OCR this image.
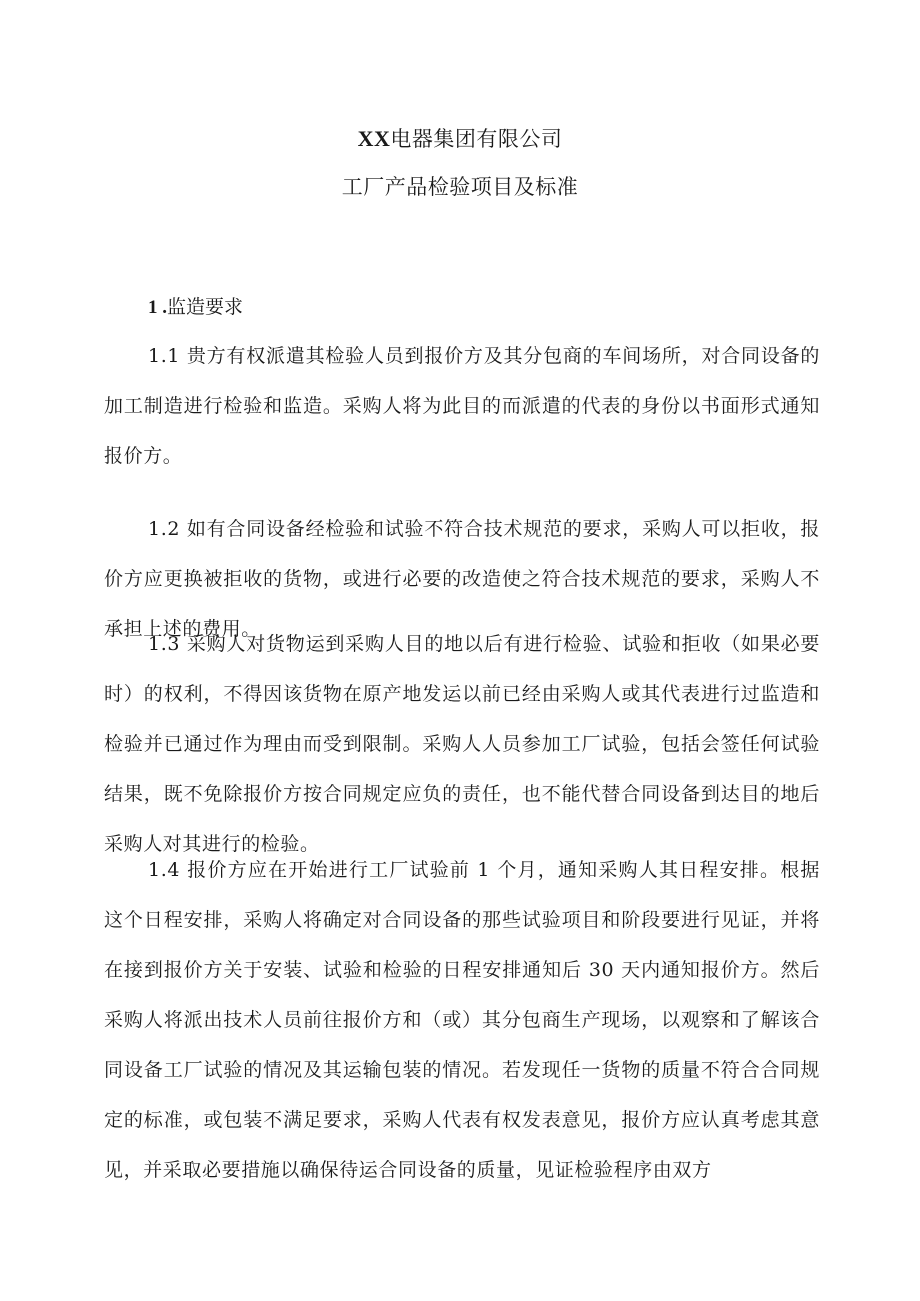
XX电器集团有限公司
工厂产品检验项目及标准
1 .监造要求

1.1 贵方有权派遣其检验人员到报价方及其分包商的车间场所，对合同设备的加工制造进行检验和监造。采购人将为此目的而派遣的代表的身份以书面形式通知报价方。

1.2 如有合同设备经检验和试验不符合技术规范的要求，采购人可以拒收，报价方应更换被拒收的货物，或进行必要的改造使之符合技术规范的要求，采购人不承担上述的费用。

1.3 采购人对货物运到采购人目的地以后有进行检验、试验和拒收（如果必要时）的权利，不得因该货物在原产地发运以前已经由采购人或其代表进行过监造和检验并已通过作为理由而受到限制。采购人人员参加工厂试验，包括会签任何试验结果，既不免除报价方按合同规定应负的责任，也不能代替合同设备到达目的地后采购人对其进行的检验。

1.4 报价方应在开始进行工厂试验前 1 个月，通知采购人其日程安排。根据这个日程安排，采购人将确定对合同设备的那些试验项目和阶段要进行见证，并将在接到报价方关于安装、试验和检验的日程安排通知后 30 天内通知报价方。然后采购人将派出技术人员前往报价方和（或）其分包商生产现场，以观察和了解该合同设备工厂试验的情况及其运输包装的情况。若发现任一货物的质量不符合合同规定的标准，或包装不满足要求，采购人代表有权发表意见，报价方应认真考虑其意见，并采取必要措施以确保待运合同设备的质量，见证检验程序由双方
